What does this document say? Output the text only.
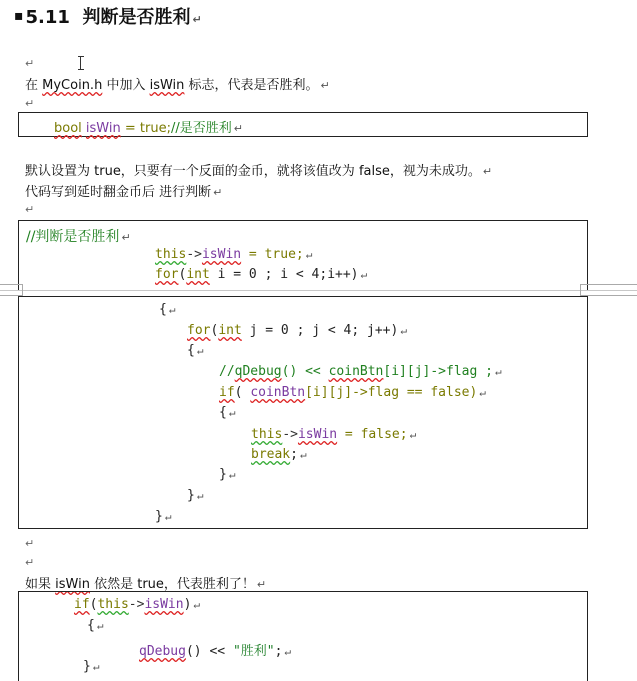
▪ 5.11 判断是否胜利 ↵
↵
在 MyCoin.h 中加入 isWin 标志，代表是否胜利。 ↵
↵
bool isWin = true;//是否胜利 ↵
默认设置为 true，只要有一个反面的金币，就将该值改为 false，视为未成功。 ↵
代码写到延时翻金币后 进行判断 ↵
↵
//判断是否胜利 ↵
this->isWin = true; ↵
for(int i = 0 ; i < 4;i++) ↵
{ ↵
for(int j = 0 ; j < 4; j++) ↵
{ ↵
//qDebug() << coinBtn[i][j]->flag ; ↵
if( coinBtn[i][j]->flag == false) ↵
{ ↵
this->isWin = false; ↵
break; ↵
} ↵
} ↵
} ↵
↵
↵
如果 isWin 依然是 true，代表胜利了！ ↵
if(this->isWin) ↵
{ ↵
qDebug() << "胜利"; ↵
} ↵
